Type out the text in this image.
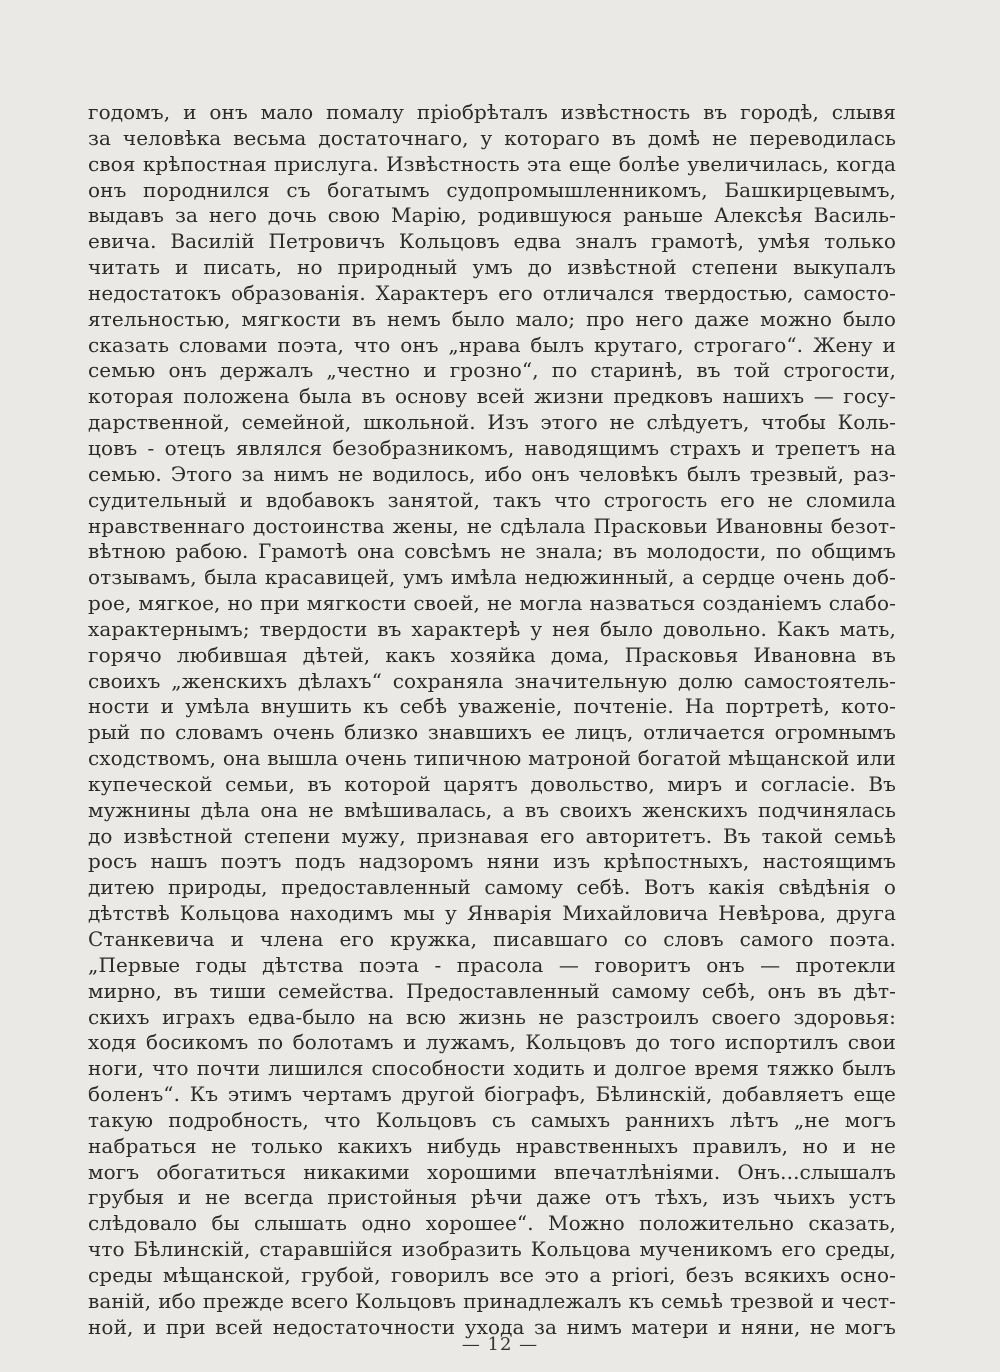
годомъ, и онъ мало помалу пріобрѣталъ извѣстность въ городѣ, слывя
за человѣка весьма достаточнаго, у котораго въ домѣ не переводилась
своя крѣпостная прислуга. Извѣстность эта еще болѣе увеличилась, когда
онъ породнился съ богатымъ судопромышленникомъ, Башкирцевымъ,
выдавъ за него дочь свою Марію, родившуюся раньше Алексѣя Василь-
евича. Василій Петровичъ Кольцовъ едва зналъ грамотѣ, умѣя только
читать и писать, но природный умъ до извѣстной степени выкупалъ
недостатокъ образованія. Характеръ его отличался твердостью, самосто-
ятельностью, мягкости въ немъ было мало; про него даже можно было
сказать словами поэта, что онъ „нрава былъ крутаго, строгаго“. Жену и
семью онъ держалъ „честно и грозно“, по старинѣ, въ той строгости,
которая положена была въ основу всей жизни предковъ нашихъ — госу-
дарственной, семейной, школьной. Изъ этого не слѣдуетъ, чтобы Коль-
цовъ - отецъ являлся безобразникомъ, наводящимъ страхъ и трепетъ на
семью. Этого за нимъ не водилось, ибо онъ человѣкъ былъ трезвый, раз-
судительный и вдобавокъ занятой, такъ что строгость его не сломила
нравственнаго достоинства жены, не сдѣлала Прасковьи Ивановны безот-
вѣтною рабою. Грамотѣ она совсѣмъ не знала; въ молодости, по общимъ
отзывамъ, была красавицей, умъ имѣла недюжинный, а сердце очень доб-
рое, мягкое, но при мягкости своей, не могла назваться созданіемъ слабо-
характернымъ; твердости въ характерѣ у нея было довольно. Какъ мать,
горячо любившая дѣтей, какъ хозяйка дома, Прасковья Ивановна въ
своихъ „женскихъ дѣлахъ“ сохраняла значительную долю самостоятель-
ности и умѣла внушить къ себѣ уваженіе, почтеніе. На портретѣ, кото-
рый по словамъ очень близко знавшихъ ее лицъ, отличается огромнымъ
сходствомъ, она вышла очень типичною матроной богатой мѣщанской или
купеческой семьи, въ которой царятъ довольство, миръ и согласіе. Въ
мужнины дѣла она не вмѣшивалась, а въ своихъ женскихъ подчинялась
до извѣстной степени мужу, признавая его авторитетъ. Въ такой семьѣ
росъ нашъ поэтъ подъ надзоромъ няни изъ крѣпостныхъ, настоящимъ
дитею природы, предоставленный самому себѣ. Вотъ какія свѣдѣнія о
дѣтствѣ Кольцова находимъ мы у Январія Михайловича Невѣрова, друга
Станкевича и члена его кружка, писавшаго со словъ самого поэта.
„Первые годы дѣтства поэта - прасола — говоритъ онъ — протекли
мирно, въ тиши семейства. Предоставленный самому себѣ, онъ въ дѣт-
скихъ играхъ едва-было на всю жизнь не разстроилъ своего здоровья:
ходя босикомъ по болотамъ и лужамъ, Кольцовъ до того испортилъ свои
ноги, что почти лишился способности ходить и долгое время тяжко былъ
боленъ“. Къ этимъ чертамъ другой біографъ, Бѣлинскій, добавляетъ еще
такую подробность, что Кольцовъ съ самыхъ раннихъ лѣтъ „не могъ
набраться не только какихъ нибудь нравственныхъ правилъ, но и не
могъ обогатиться никакими хорошими впечатлѣніями. Онъ...слышалъ
грубыя и не всегда пристойныя рѣчи даже отъ тѣхъ, изъ чьихъ устъ
слѣдовало бы слышать одно хорошее“. Можно положительно сказать,
что Бѣлинскій, старавшійся изобразить Кольцова мученикомъ его среды,
среды мѣщанской, грубой, говорилъ все это a priori, безъ всякихъ осно-
ваній, ибо прежде всего Кольцовъ принадлежалъ къ семьѣ трезвой и чест-
ной, и при всей недостаточности ухода за нимъ матери и няни, не могъ
— 12 —
